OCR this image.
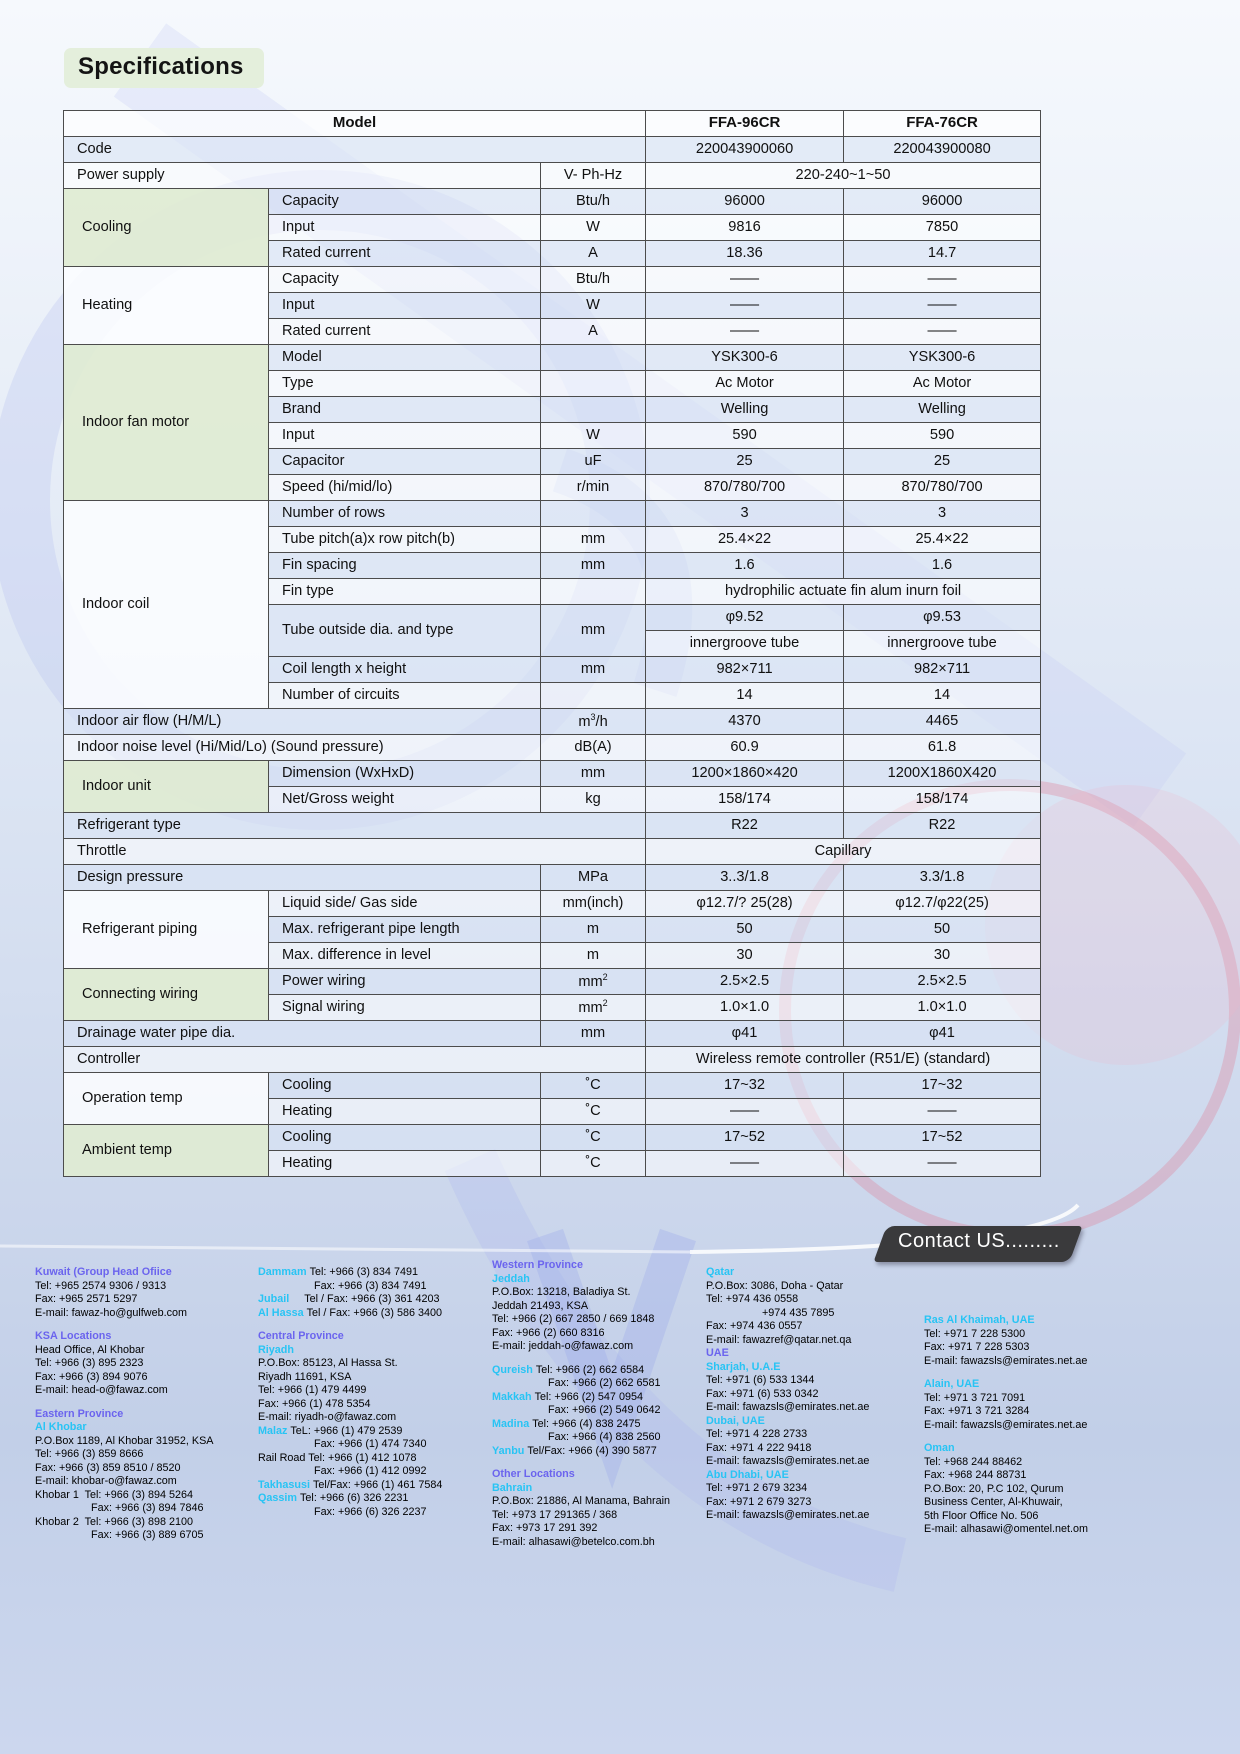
Specifications
Model			FFA-96CR	FFA-76CR
Code			220043900060	220043900080
Power supply		V- Ph-Hz	220-240~1~50	
Cooling	Capacity	Btu/h	96000	96000
	Input	W	9816	7850
	Rated current	A	18.36	14.7
Heating	Capacity	Btu/h	——	——
	Input	W	——	——
	Rated current	A	——	——
Indoor fan motor	Model		YSK300-6	YSK300-6
	Type		Ac Motor	Ac Motor
	Brand		Welling	Welling
	Input	W	590	590
	Capacitor	uF	25	25
	Speed (hi/mid/lo)	r/min	870/780/700	870/780/700
Indoor coil	Number of rows		3	3
	Tube pitch(a)x row pitch(b)	mm	25.4×22	25.4×22
	Fin spacing	mm	1.6	1.6
	Fin type		hydrophilic actuate fin alum inurn foil	
	Tube outside dia. and type	mm	φ9.52	φ9.53
			innergroove tube	innergroove tube
	Coil length x height	mm	982×711	982×711
	Number of circuits		14	14
Indoor air flow (H/M/L)		$m^3/h$	4370	4465
Indoor noise level (Hi/Mid/Lo) (Sound pressure)		dB(A)	60.9	61.8
Indoor unit	Dimension (WxHxD)	mm	1200×1860×420	1200X1860X420
	Net/Gross weight	kg	158/174	158/174
Refrigerant type			R22	R22
Throttle			Capillary	
Design pressure		MPa	3..3/1.8	3.3/1.8
Refrigerant piping	Liquid side/ Gas side	mm(inch)	φ12.7/? 25(28)	φ12.7/φ22(25)
	Max. refrigerant pipe length	m	50	50
	Max. difference in level	m	30	30
Connecting wiring	Power wiring	$mm^2$	2.5×2.5	2.5×2.5
	Signal wiring	$mm^2$	1.0×1.0	1.0×1.0
Drainage water pipe dia.		mm	φ41	φ41
Controller			Wireless remote controller (R51/E) (standard)	
Operation temp	Cooling	˚C	17~32	17~32
	Heating	˚C	——	——
Ambient temp	Cooling	˚C	17~52	17~52
	Heating	˚C	——	——
Contact US.........
Kuwait (Group Head Ofiice
Tel: +965 2574 9306 / 9313
Fax: +965 2571 5297
E-mail: fawaz-ho@gulfweb.com
KSA Locations
Head Office, Al Khobar
Tel: +966 (3) 895 2323
Fax: +966 (3) 894 9076
E-mail: head-o@fawaz.com
Eastern Province
Al Khobar
P.O.Box 1189, Al Khobar 31952, KSA
Tel: +966 (3) 859 8666
Fax: +966 (3) 859 8510 / 8520
E-mail: khobar-o@fawaz.com
Khobar 1  Tel: +966 (3) 894 5264
Fax: +966 (3) 894 7846
Khobar 2  Tel: +966 (3) 898 2100
Fax: +966 (3) 889 6705
Dammam Tel: +966 (3) 834 7491
Fax: +966 (3) 834 7491
Jubail     Tel / Fax: +966 (3) 361 4203
Al Hassa Tel / Fax: +966 (3) 586 3400
Central Province
Riyadh
P.O.Box: 85123, Al Hassa St.
Riyadh 11691, KSA
Tel: +966 (1) 479 4499
Fax: +966 (1) 478 5354
E-mail: riyadh-o@fawaz.com
Malaz TeL: +966 (1) 479 2539
Fax: +966 (1) 474 7340
Rail Road Tel: +966 (1) 412 1078
Fax: +966 (1) 412 0992
Takhasusi Tel/Fax: +966 (1) 461 7584
Qassim Tel: +966 (6) 326 2231
Fax: +966 (6) 326 2237
Western Province
Jeddah
P.O.Box: 13218, Baladiya St.
Jeddah 21493, KSA
Tel: +966 (2) 667 2850 / 669 1848
Fax: +966 (2) 660 8316
E-mail: jeddah-o@fawaz.com
Qureish Tel: +966 (2) 662 6584
Fax: +966 (2) 662 6581
Makkah Tel: +966 (2) 547 0954
Fax: +966 (2) 549 0642
Madina Tel: +966 (4) 838 2475
Fax: +966 (4) 838 2560
Yanbu Tel/Fax: +966 (4) 390 5877
Other Locations
Bahrain
P.O.Box: 21886, Al Manama, Bahrain
Tel: +973 17 291365 / 368
Fax: +973 17 291 392
E-mail: alhasawi@betelco.com.bh
Qatar
P.O.Box: 3086, Doha - Qatar
Tel: +974 436 0558
+974 435 7895
Fax: +974 436 0557
E-mail: fawazref@qatar.net.qa
UAE
Sharjah, U.A.E
Tel: +971 (6) 533 1344
Fax: +971 (6) 533 0342
E-mail: fawazsls@emirates.net.ae
Dubai, UAE
Tel: +971 4 228 2733
Fax: +971 4 222 9418
E-mail: fawazsls@emirates.net.ae
Abu Dhabi, UAE
Tel: +971 2 679 3234
Fax: +971 2 679 3273
E-mail: fawazsls@emirates.net.ae
Ras Al Khaimah, UAE
Tel: +971 7 228 5300
Fax: +971 7 228 5303
E-mail: fawazsls@emirates.net.ae
Alain, UAE
Tel: +971 3 721 7091
Fax: +971 3 721 3284
E-mail: fawazsls@emirates.net.ae
Oman
Tel: +968 244 88462
Fax: +968 244 88731
P.O.Box: 20, P.C 102, Qurum
Business Center, Al-Khuwair,
5th Floor Office No. 506
E-mail: alhasawi@omentel.net.om
